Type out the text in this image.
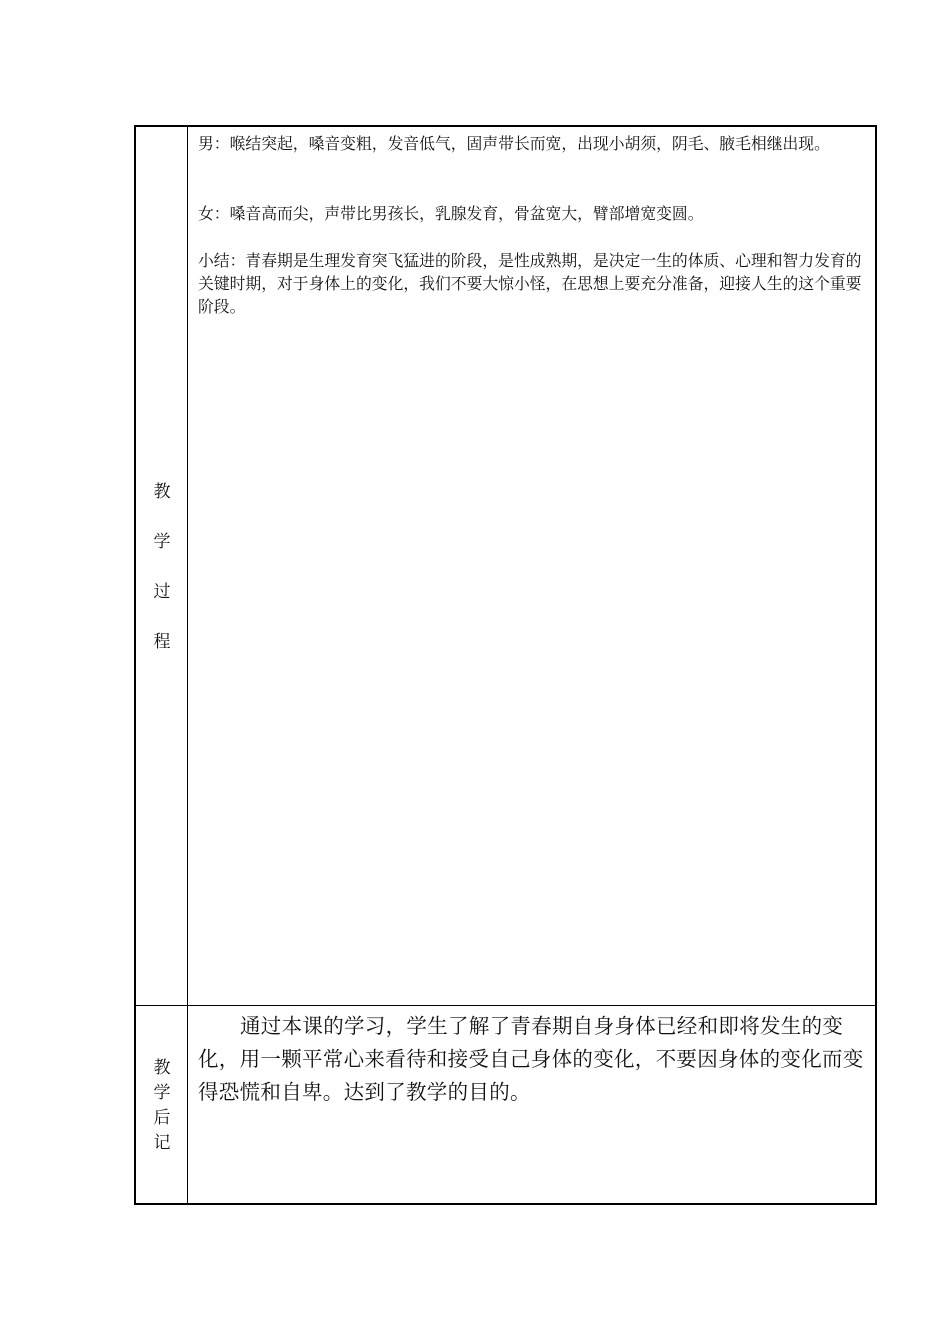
教
学
过
程

男：喉结突起，嗓音变粗，发音低气，固声带长而宽，出现小胡须，阴毛、腋毛相继出现。

女：嗓音高而尖，声带比男孩长，乳腺发育，骨盆宽大，臂部增宽变圆。

小结：青春期是生理发育突飞猛进的阶段，是性成熟期，是决定一生的体质、心理和智力发育的关键时期，对于身体上的变化，我们不要大惊小怪，在思想上要充分准备，迎接人生的这个重要阶段。

教
学
后
记

通过本课的学习，学生了解了青春期自身身体已经和即将发生的变化，用一颗平常心来看待和接受自己身体的变化，不要因身体的变化而变得恐慌和自卑。达到了教学的目的。
